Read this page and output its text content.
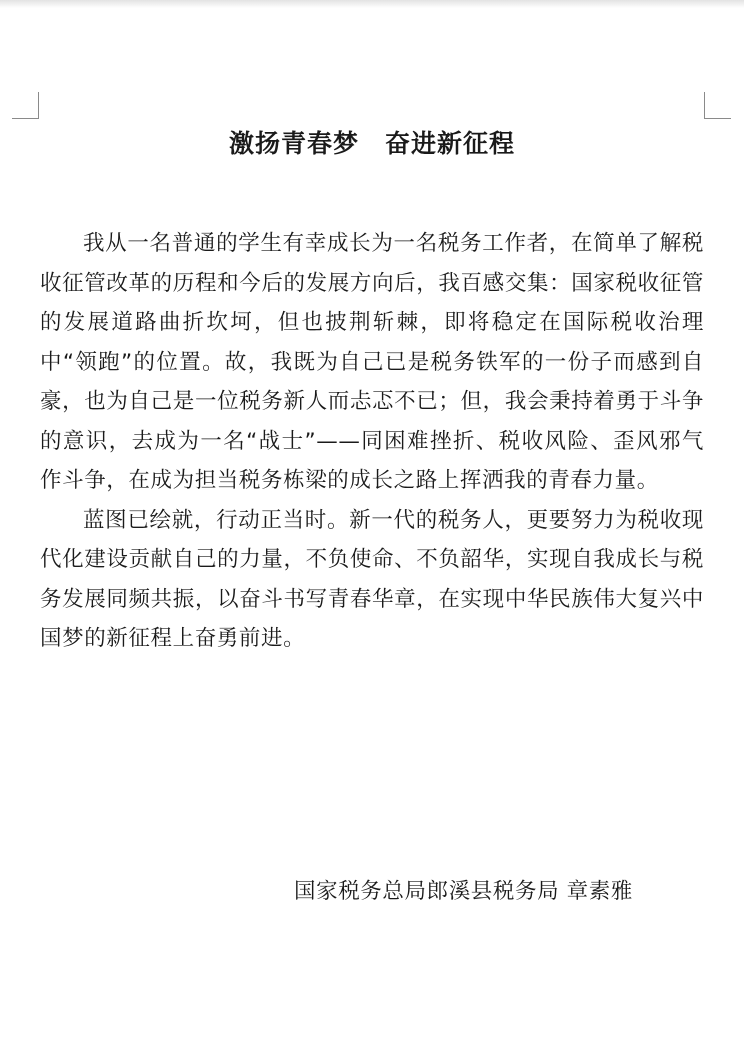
激扬青春梦　奋进新征程

我从一名普通的学生有幸成长为一名税务工作者，在简单了解税收征管改革的历程和今后的发展方向后，我百感交集：国家税收征管的发展道路曲折坎坷，但也披荆斩棘，即将稳定在国际税收治理中“领跑”的位置。故，我既为自己已是税务铁军的一份子而感到自豪，也为自己是一位税务新人而忐忑不已；但，我会秉持着勇于斗争的意识，去成为一名“战士”——同困难挫折、税收风险、歪风邪气作斗争，在成为担当税务栋梁的成长之路上挥洒我的青春力量。

蓝图已绘就，行动正当时。新一代的税务人，更要努力为税收现代化建设贡献自己的力量，不负使命、不负韶华，实现自我成长与税务发展同频共振，以奋斗书写青春华章，在实现中华民族伟大复兴中国梦的新征程上奋勇前进。

国家税务总局郎溪县税务局 章素雅
